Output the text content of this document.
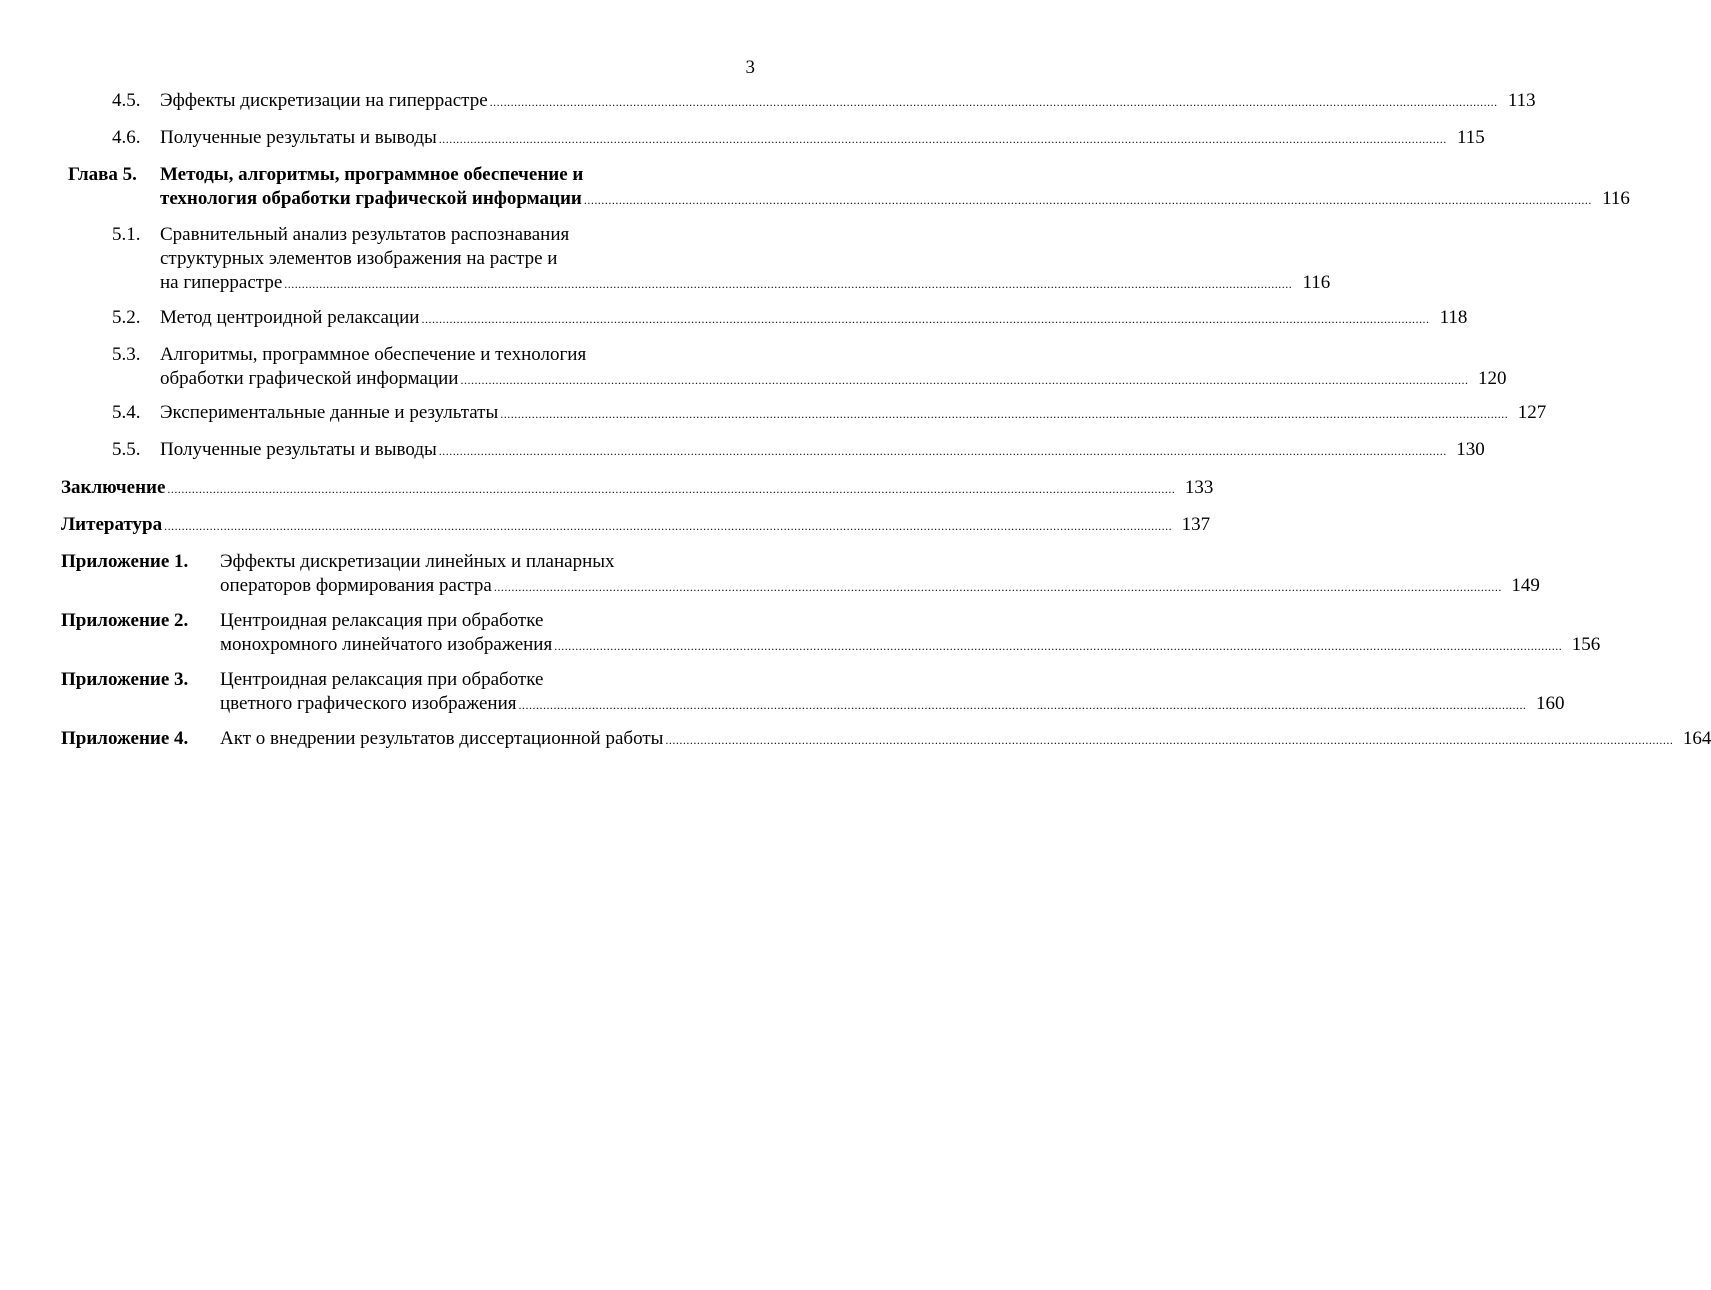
3
4.5. Эффекты дискретизации на гиперрастре ................................................................................................................................................................................................................................................................................................ 113
4.6. Полученные результаты и выводы ................................................................................................................................................................................................................................................................................................ 115
Глава 5. Методы, алгоритмы, программное обеспечение и
технология обработки графической информации ................................................................................................................................................................................................................................................................................................ 116
5.1. Сравнительный анализ результатов распознавания
структурных элементов изображения на растре и
на гиперрастре ................................................................................................................................................................................................................................................................................................ 116
5.2. Метод центроидной релаксации ................................................................................................................................................................................................................................................................................................ 118
5.3. Алгоритмы, программное обеспечение и технология
обработки графической информации ................................................................................................................................................................................................................................................................................................ 120
5.4. Экспериментальные данные и результаты ................................................................................................................................................................................................................................................................................................ 127
5.5. Полученные результаты и выводы ................................................................................................................................................................................................................................................................................................ 130
Заключение ................................................................................................................................................................................................................................................................................................ 133
Литература ................................................................................................................................................................................................................................................................................................ 137
Приложение 1. Эффекты дискретизации линейных и планарных
операторов формирования растра ................................................................................................................................................................................................................................................................................................ 149
Приложение 2. Центроидная релаксация при обработке
монохромного линейчатого изображения ................................................................................................................................................................................................................................................................................................ 156
Приложение 3. Центроидная релаксация при обработке
цветного графического изображения ................................................................................................................................................................................................................................................................................................ 160
Приложение 4. Акт о внедрении результатов диссертационной работы ................................................................................................................................................................................................................................................................................................ 164
